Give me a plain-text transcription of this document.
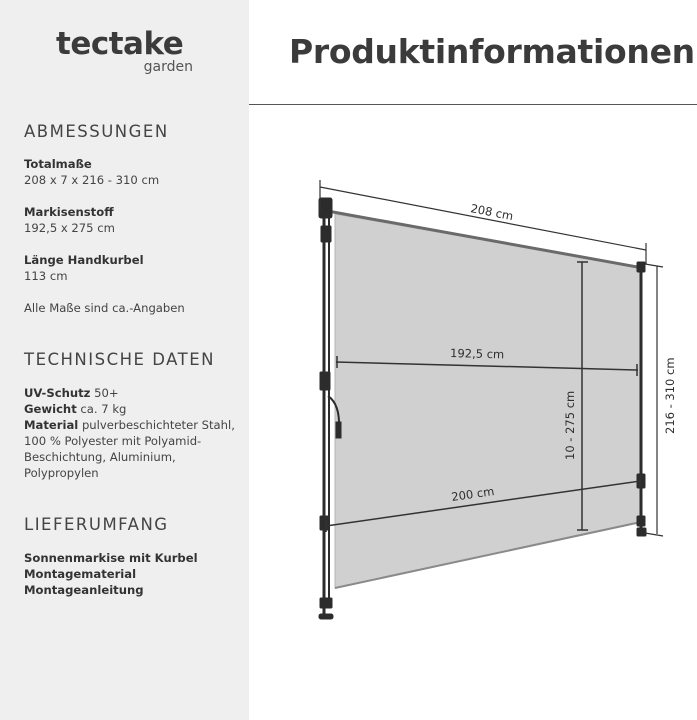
tectake
garden
ABMESSUNGEN
Totalmaße
208 x 7 x 216 - 310 cm
Markisenstoff
192,5 x 275 cm
Länge Handkurbel
113 cm
Alle Maße sind ca.-Angaben
TECHNISCHE DATEN
UV-Schutz 50+
Gewicht ca. 7 kg
Material pulverbeschichteter Stahl, 100 % Polyester mit Polyamid-Beschichtung, Aluminium, Polypropylen
LIEFERUMFANG
Sonnenmarkise mit Kurbel
Montagematerial
Montageanleitung
Produktinformationen
208 cm
216 - 310 cm
10 - 275 cm
192,5 cm
200 cm
